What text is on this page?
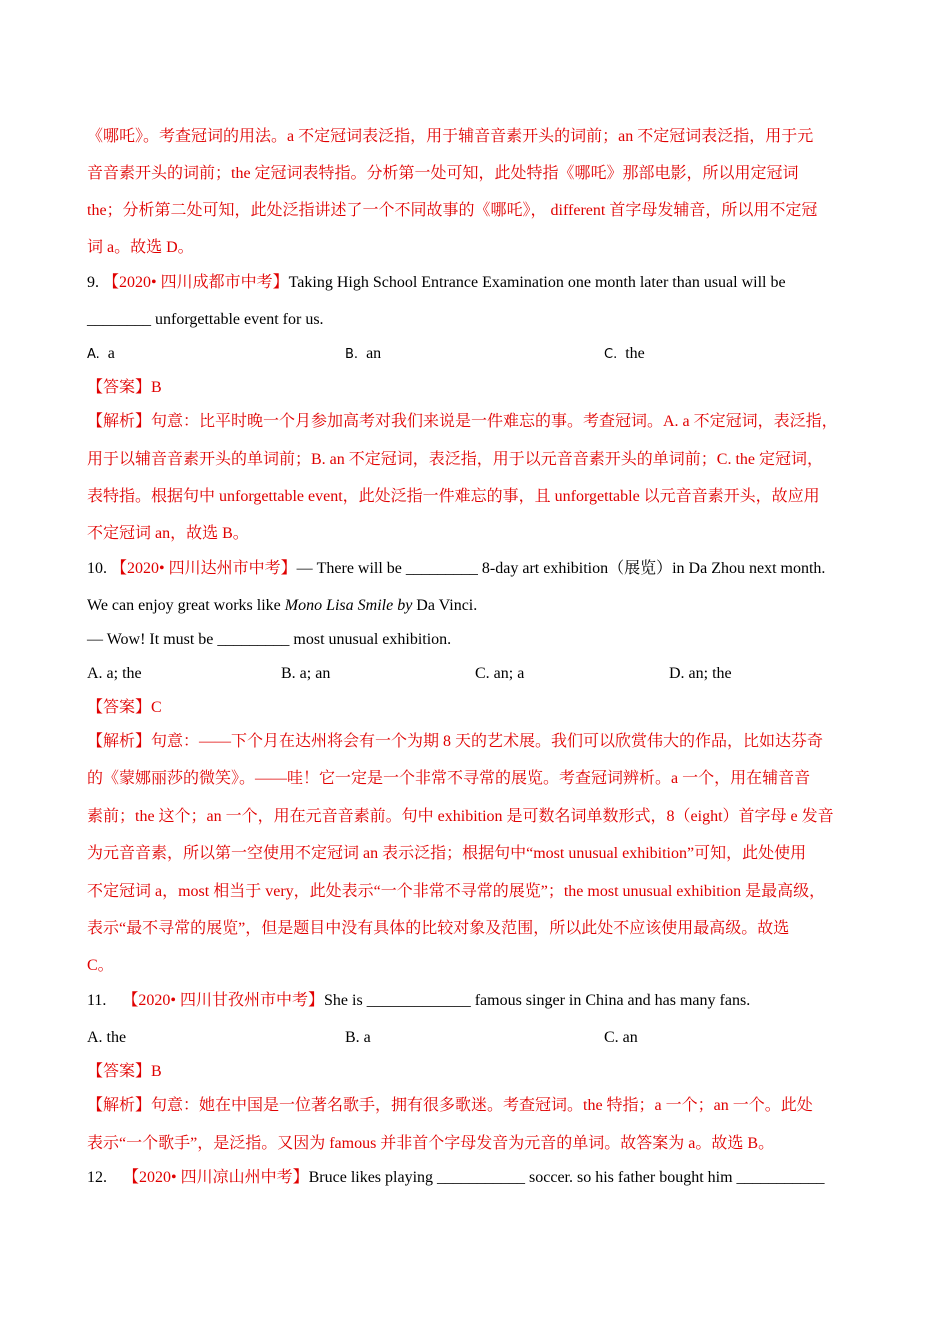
《哪吒》。考查冠词的用法。a 不定冠词表泛指，用于辅音音素开头的词前；an 不定冠词表泛指，用于元
音音素开头的词前；the 定冠词表特指。分析第一处可知，此处特指《哪吒》那部电影，所以用定冠词
the；分析第二处可知，此处泛指讲述了一个不同故事的《哪吒》， different 首字母发辅音，所以用不定冠
词 a。故选 D。
9. 【2020• 四川成都市中考】Taking High School Entrance Examination one month later than usual will be
________ unforgettable event for us.
A. a	B. an	C. the
【答案】B
【解析】句意：比平时晚一个月参加高考对我们来说是一件难忘的事。考查冠词。A. a 不定冠词，表泛指，
用于以辅音音素开头的单词前；B. an 不定冠词，表泛指，用于以元音音素开头的单词前；C. the 定冠词，
表特指。根据句中 unforgettable event，此处泛指一件难忘的事，且 unforgettable 以元音音素开头，故应用
不定冠词 an，故选 B。
10. 【2020• 四川达州市中考】— There will be _________ 8-day art exhibition（展览）in Da Zhou next month.
We can enjoy great works like Mono Lisa Smile by Da Vinci.
— Wow! It must be _________ most unusual exhibition.
A. a; the	B. a; an	C. an; a	D. an; the
【答案】C
【解析】句意：——下个月在达州将会有一个为期 8 天的艺术展。我们可以欣赏伟大的作品，比如达芬奇
的《蒙娜丽莎的微笑》。——哇！它一定是一个非常不寻常的展览。考查冠词辨析。a 一个，用在辅音音
素前；the 这个；an 一个，用在元音音素前。句中 exhibition 是可数名词单数形式，8（eight）首字母 e 发音
为元音音素，所以第一空使用不定冠词 an 表示泛指；根据句中“most unusual exhibition”可知，此处使用
不定冠词 a，most 相当于 very，此处表示“一个非常不寻常的展览”；the most unusual exhibition 是最高级，
表示“最不寻常的展览”，但是题目中没有具体的比较对象及范围，所以此处不应该使用最高级。故选
C。
11. 【2020• 四川甘孜州市中考】She is _____________ famous singer in China and has many fans.
A. the	B. a	C. an
【答案】B
【解析】句意：她在中国是一位著名歌手，拥有很多歌迷。考查冠词。the 特指；a 一个；an 一个。此处
表示“一个歌手”，是泛指。又因为 famous 并非首个字母发音为元音的单词。故答案为 a。故选 B。
12. 【2020• 四川凉山州中考】Bruce likes playing ___________ soccer. so his father bought him ___________
